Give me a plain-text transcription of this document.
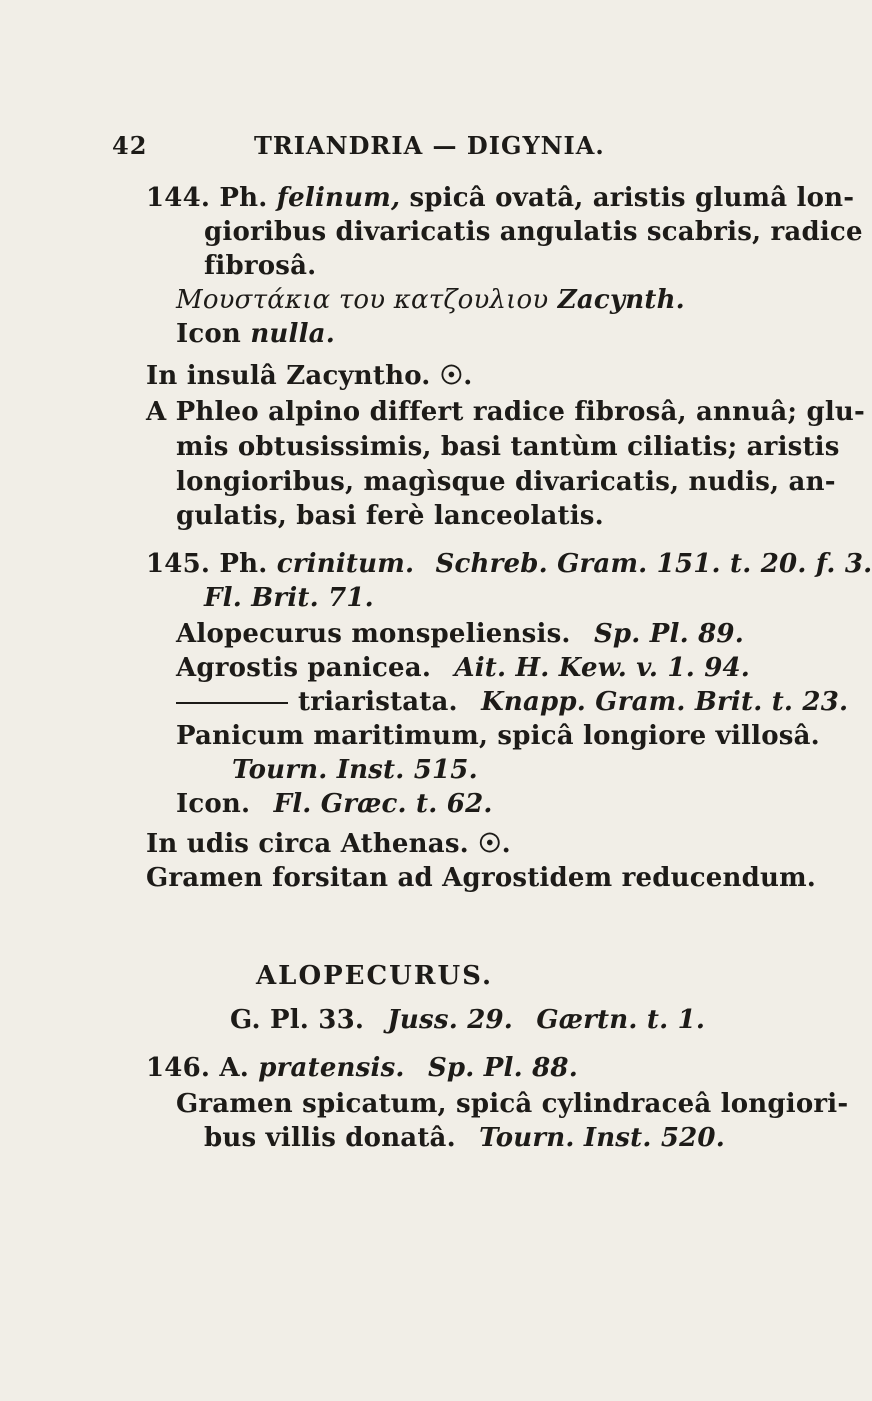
42	TRIANDRIA — DIGYNIA.
144. Ph. felinum, spicâ ovatâ, aristis glumâ lon-
gioribus divaricatis angulatis scabris, radice
fibrosâ.
Μουστάκια του κατζουλιου Zacynth.
Icon nulla.
In insulâ Zacyntho. ☉.
A Phleo alpino differt radice fibrosâ, annuâ; glu-
mis obtusissimis, basi tantùm ciliatis; aristis
longioribus, magìsque divaricatis, nudis, an-
gulatis, basi ferè lanceolatis.
145. Ph. crinitum. Schreb. Gram. 151. t. 20. f. 3.
Fl. Brit. 71.
Alopecurus monspeliensis. Sp. Pl. 89.
Agrostis panicea. Ait. H. Kew. v. 1. 94.
triaristata. Knapp. Gram. Brit. t. 23.
Panicum maritimum, spicâ longiore villosâ.
Tourn. Inst. 515.
Icon. Fl. Græc. t. 62.
In udis circa Athenas. ☉.
Gramen forsitan ad Agrostidem reducendum.
ALOPECURUS.
G. Pl. 33. Juss. 29. Gærtn. t. 1.
146. A. pratensis. Sp. Pl. 88.
Gramen spicatum, spicâ cylindraceâ longiori-
bus villis donatâ. Tourn. Inst. 520.
